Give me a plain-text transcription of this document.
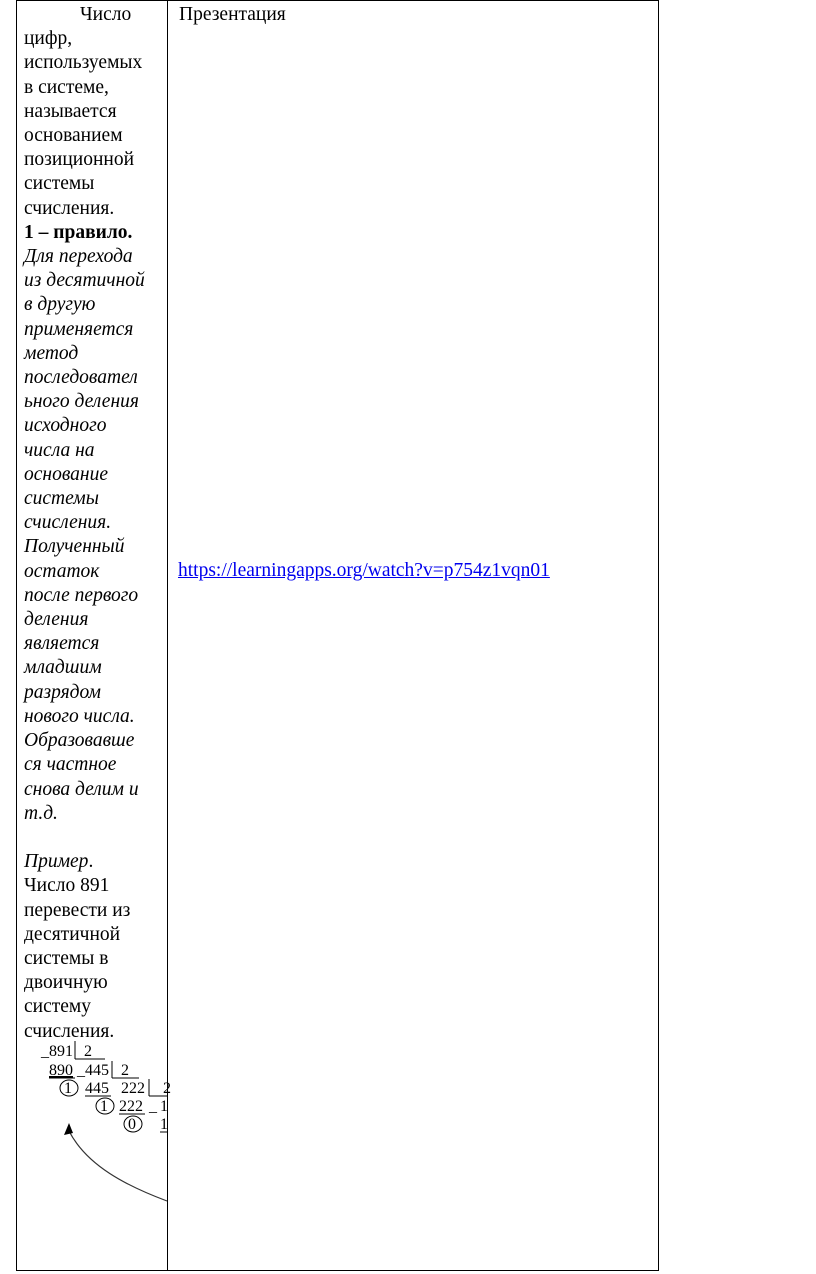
Число

цифр,

используемых

в системе,

называется

основанием

позиционной

системы

счисления.

1 – правило.

Для перехода

из десятичной

в другую

применяется

метод

последовател

ьного деления

исходного

числа на

основание

системы

счисления.

Полученный

остаток

после первого

деления

является

младшим

разрядом

нового числа.

Образовавше

ся частное

снова делим и

т.д.

Пример.

Число 891

перевести из

десятичной

системы в

двоичную

систему

счисления.

_ 891 2
890 _ 445 2
1 445 222 2
1 222 _ 1
0 1
Презентация
https://learningapps.org/watch?v=p754z1vqn01
